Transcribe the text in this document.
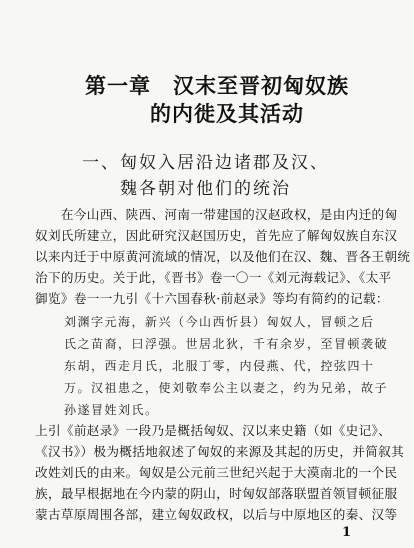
第一章　汉末至晋初匈奴族
的内徙及其活动
一、匈奴入居沿边诸郡及汉、
魏各朝对他们的统治
　　在今山西、陕西、河南一带建国的汉赵政权，是由内迁的匈
奴刘氏所建立，因此研究汉赵国历史，首先应了解匈奴族自东汉
以来内迁于中原黄河流域的情况，以及他们在汉、魏、晋各王朝统
治下的历史。关于此，《晋书》卷一〇一《刘元海载记》、《太平
御览》卷一一九引《十六国春秋·前赵录》等均有简约的记载：
刘渊字元海，新兴（今山西忻县）匈奴人，冒顿之后
氏之苗裔，曰浮强。世居北狄，千有余岁，至冒顿袭破
东胡，西走月氏，北服丁零，内侵燕、代，控弦四十
万。汉祖患之，使刘敬奉公主以妻之，约为兄弟，故子
孙遂冒姓刘氏。
上引《前赵录》一段乃是概括匈奴、汉以来史籍（如《史记》、
《汉书》）极为概括地叙述了匈奴的来源及其起的历史，并简叙其
改姓刘氏的由来。匈奴是公元前三世纪兴起于大漠南北的一个民
族，最早根据地在今内蒙的阴山，时匈奴部落联盟首领冒顿征服
蒙古草原周围各部，建立匈奴政权，以后与中原地区的秦、汉等
1
